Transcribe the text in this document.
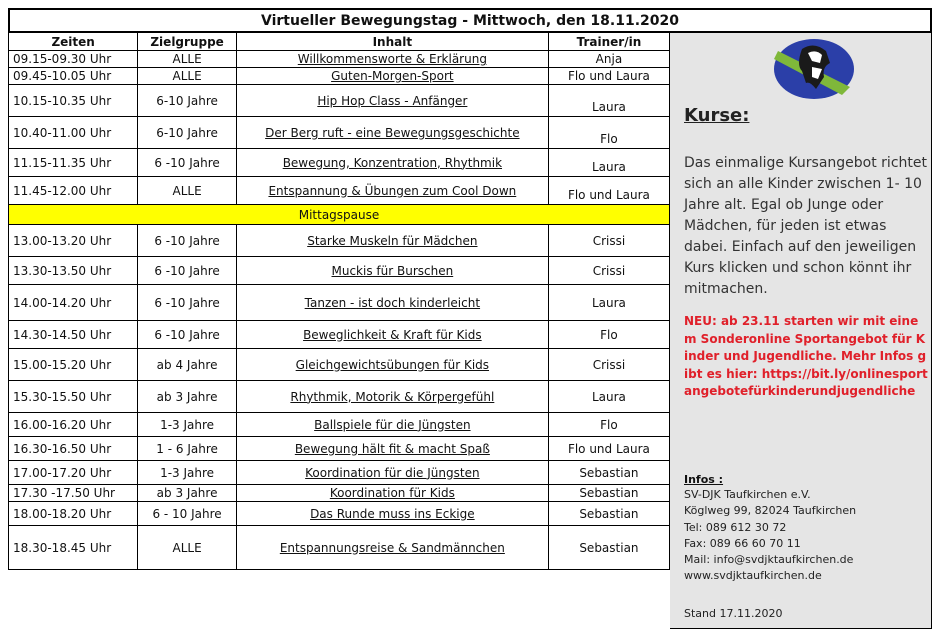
Virtueller Bewegungstag - Mittwoch, den 18.11.2020
Zeiten	Zielgruppe	Inhalt	Trainer/in
09.15-09.30 Uhr	ALLE	Willkommensworte & Erklärung	Anja
09.45-10.05 Uhr	ALLE	Guten-Morgen-Sport	Flo und Laura
10.15-10.35 Uhr	6-10 Jahre	Hip Hop Class - Anfänger	Laura
10.40-11.00 Uhr	6-10 Jahre	Der Berg ruft - eine Bewegungsgeschichte	Flo
11.15-11.35 Uhr	6 -10 Jahre	Bewegung, Konzentration, Rhythmik	Laura
11.45-12.00 Uhr	ALLE	Entspannung & Übungen zum Cool Down	Flo und Laura
Mittagspause			
13.00-13.20 Uhr	6 -10 Jahre	Starke Muskeln für Mädchen	Crissi
13.30-13.50 Uhr	6 -10 Jahre	Muckis für Burschen	Crissi
14.00-14.20 Uhr	6 -10 Jahre	Tanzen - ist doch kinderleicht	Laura
14.30-14.50 Uhr	6 -10 Jahre	Beweglichkeit & Kraft für Kids	Flo
15.00-15.20 Uhr	ab 4 Jahre	Gleichgewichtsübungen für Kids	Crissi
15.30-15.50 Uhr	ab 3 Jahre	Rhythmik, Motorik & Körpergefühl	Laura
16.00-16.20 Uhr	1-3 Jahre	Ballspiele für die Jüngsten	Flo
16.30-16.50 Uhr	1 - 6 Jahre	Bewegung hält fit & macht Spaß	Flo und Laura
17.00-17.20 Uhr	1-3 Jahre	Koordination für die Jüngsten	Sebastian
17.30 -17.50 Uhr	ab 3 Jahre	Koordination für Kids	Sebastian
18.00-18.20 Uhr	6 - 10 Jahre	Das Runde muss ins Eckige	Sebastian
18.30-18.45 Uhr	ALLE	Entspannungsreise & Sandmännchen	Sebastian
Kurse:
Das einmalige Kursangebot richtet sich an alle Kinder zwischen 1- 10 Jahre alt. Egal ob Junge oder Mädchen, für jeden ist etwas dabei. Einfach auf den jeweiligen Kurs klicken und schon könnt ihr mitmachen.
NEU: ab 23.11 starten wir mit einem Sonderonline Sportangebot für Kinder und Jugendliche. Mehr Infos gibt es hier: https://bit.ly/onlinesportangebotefürkinderundjugendliche
Infos :
SV-DJK Taufkirchen e.V.
Köglweg 99, 82024 Taufkirchen
Tel: 089 612 30 72
Fax: 089 66 60 70 11
Mail: info@svdjktaufkirchen.de
www.svdjktaufkirchen.de
Stand 17.11.2020
